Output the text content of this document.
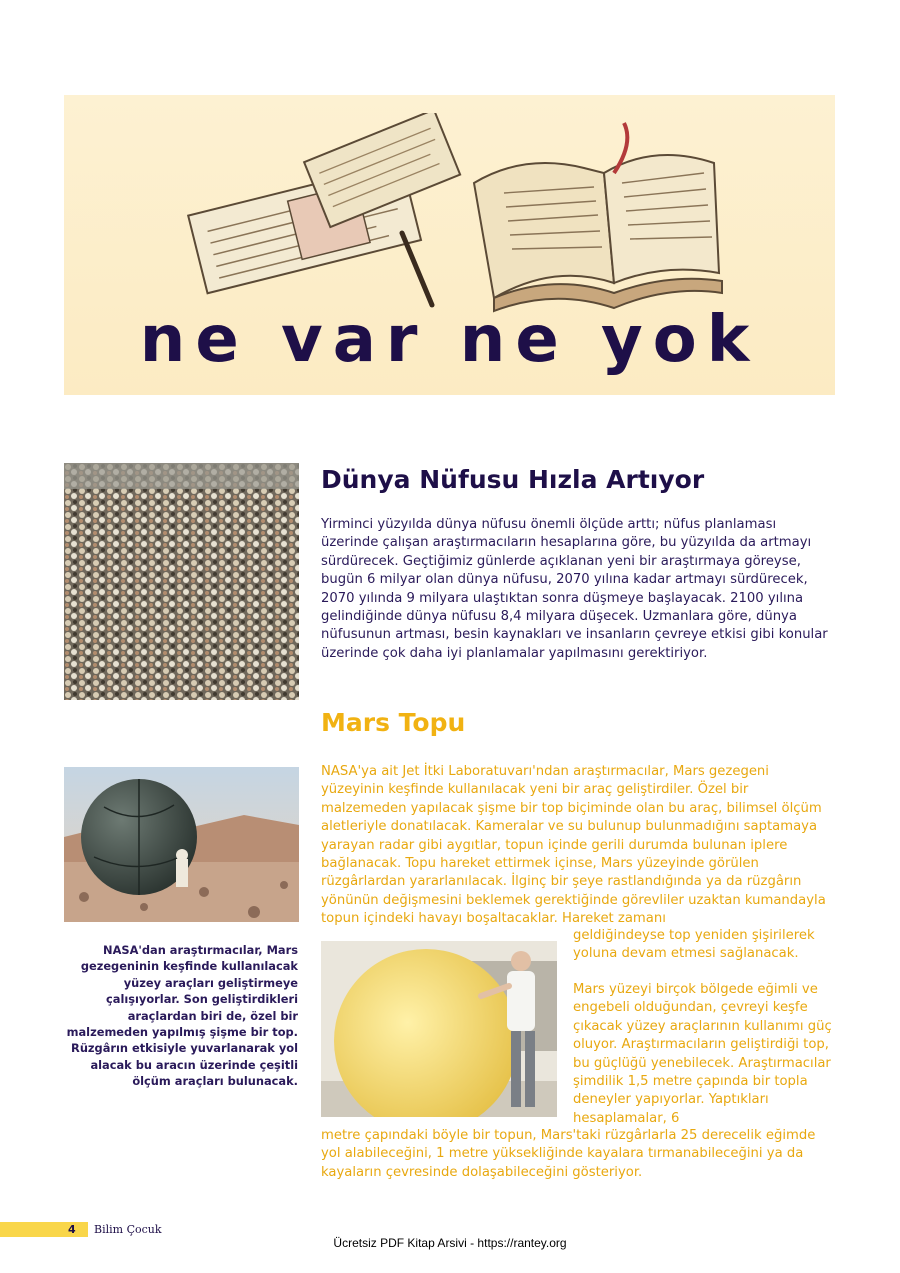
ne var ne yok
Dünya Nüfusu Hızla Artıyor

Yirminci yüzyılda dünya nüfusu önemli ölçüde arttı; nüfus planlaması üzerinde çalışan araştırmacıların hesaplarına göre, bu yüzyılda da artmayı sürdürecek. Geçtiğimiz günlerde açıklanan yeni bir araştırmaya göreyse, bugün 6 milyar olan dünya nüfusu, 2070 yılına kadar artmayı sürdürecek, 2070 yılında 9 milyara ulaştıktan sonra düşmeye başlayacak. 2100 yılına gelindiğinde dünya nüfusu 8,4 milyara düşecek. Uzmanlara göre, dünya nüfusunun artması, besin kaynakları ve insanların çevreye etkisi gibi konular üzerinde çok daha iyi planlamalar yapılmasını gerektiriyor.

Mars Topu

NASA'ya ait Jet İtki Laboratuvarı'ndan araştırmacılar, Mars gezegeni yüzeyinin keşfinde kullanılacak yeni bir araç geliştirdiler. Özel bir malzemeden yapılacak şişme bir top biçiminde olan bu araç, bilimsel ölçüm aletleriyle donatılacak. Kameralar ve su bulunup bulunmadığını saptamaya yarayan radar gibi aygıtlar, topun içinde gerili durumda bulunan iplere bağlanacak. Topu hareket ettirmek içinse, Mars yüzeyinde görülen rüzgârlardan yararlanılacak. İlginç bir şeye rastlandığında ya da rüzgârın yönünün değişmesini beklemek gerektiğinde görevliler uzaktan kumandayla topun içindeki havayı boşaltacaklar. Hareket zamanı

NASA'dan araştırmacılar, Mars gezegeninin keşfinde kullanılacak yüzey araçları geliştirmeye çalışıyorlar. Son geliştirdikleri araçlardan biri de, özel bir malzemeden yapılmış şişme bir top. Rüzgârın etkisiyle yuvarlanarak yol alacak bu aracın üzerinde çeşitli ölçüm araçları bulunacak.

geldiğindeyse top yeniden şişirilerek yoluna devam etmesi sağlanacak.

Mars yüzeyi birçok bölgede eğimli ve engebeli olduğundan, çevreyi keşfe çıkacak yüzey araçlarının kullanımı güç oluyor. Araştırmacıların geliştirdiği top, bu güçlüğü yenebilecek. Araştırmacılar şimdilik 1,5 metre çapında bir topla deneyler yapıyorlar. Yaptıkları hesaplamalar, 6

metre çapındaki böyle bir topun, Mars'taki rüzgârlarla 25 derecelik eğimde yol alabileceğini, 1 metre yüksekliğinde kayalara tırmanabileceğini ya da kayaların çevresinde dolaşabileceğini gösteriyor.

4 Bilim Çocuk
Ücretsiz PDF Kitap Arsivi - https://rantey.org
